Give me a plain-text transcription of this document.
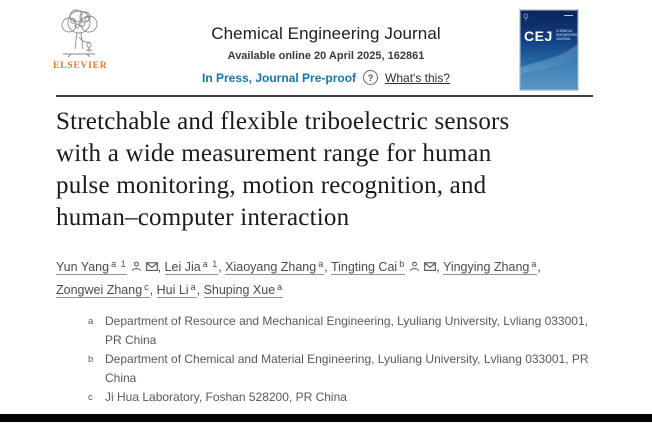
ELSEVIER
Chemical Engineering Journal
Available online 20 April 2025, 162861
In Press, Journal Pre-proof	? What's this?
CEJ CHEMICAL
ENGINEERING
JOURNAL
Stretchable and flexible triboelectric sensors
with a wide measurement range for human
pulse monitoring, motion recognition, and
human–computer interaction
Yun Yang $^{a 1}$ , Lei Jia $^{a 1}$, Xiaoyang Zhang $^a$, Tingting Cai $^b$ , Yingying Zhang $^a$,
Zongwei Zhang $^c$, Hui Li $^a$, Shuping Xue $^a$
a Department of Resource and Mechanical Engineering, Lyuliang University, Lvliang 033001, PR China
b Department of Chemical and Material Engineering, Lyuliang University, Lvliang 033001, PR China
c Ji Hua Laboratory, Foshan 528200, PR China
